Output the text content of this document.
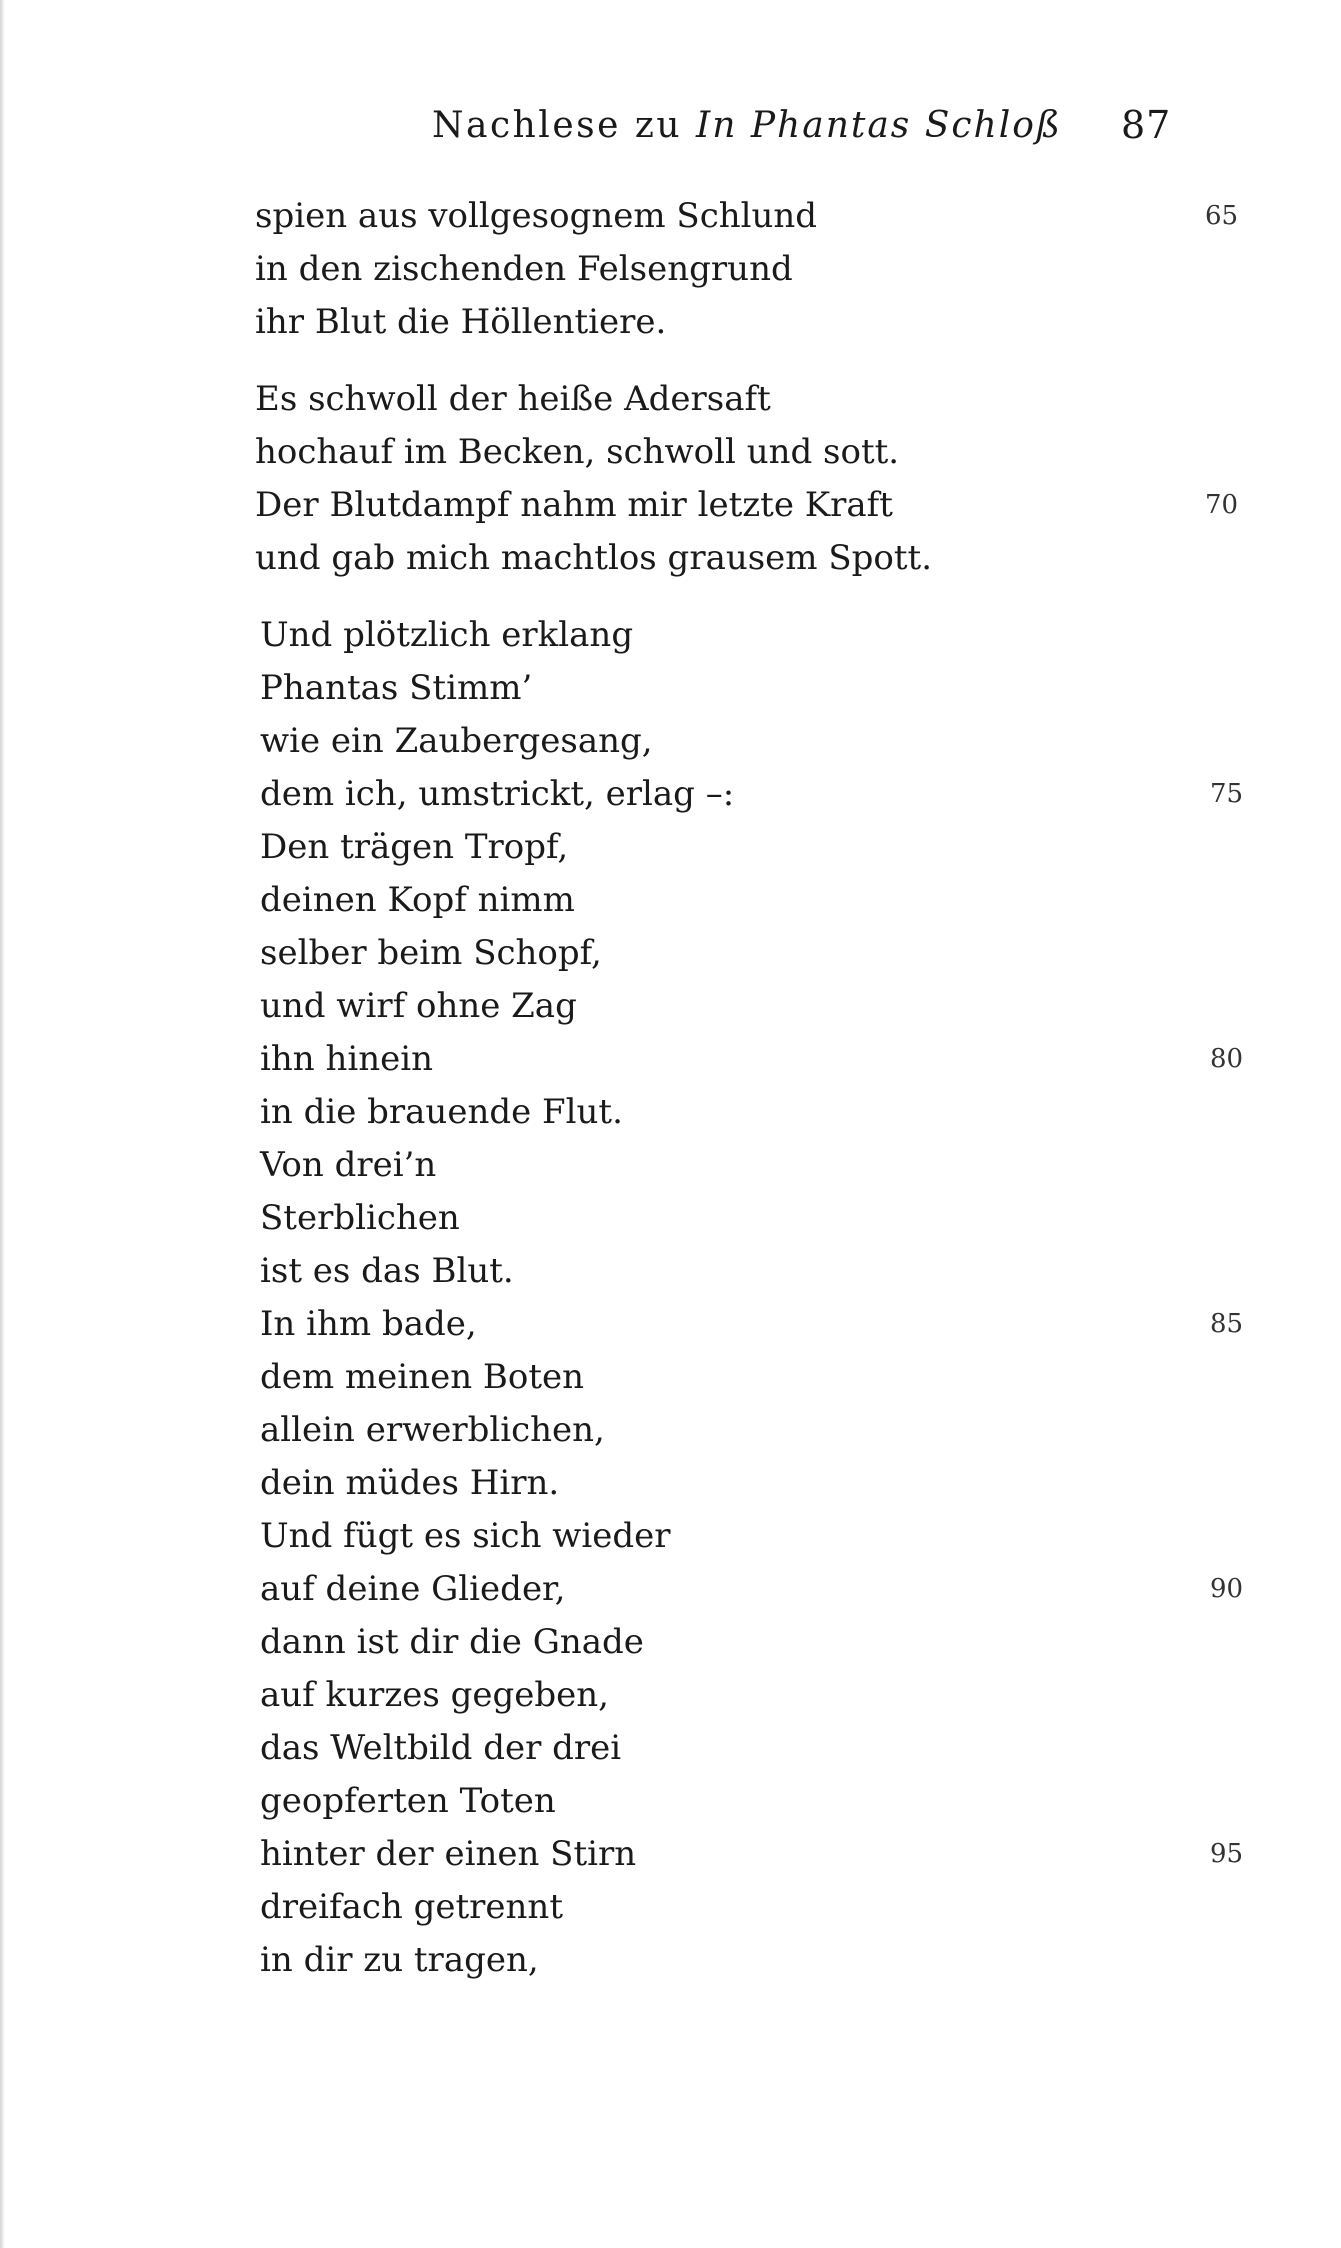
Nachlese zu In Phantas Schloß 87
spien aus vollgesognem Schlund	65
in den zischenden Felsengrund
ihr Blut die Höllentiere.
Es schwoll der heiße Adersaft
hochauf im Becken, schwoll und sott.
Der Blutdampf nahm mir letzte Kraft	70
und gab mich machtlos grausem Spott.
Und plötzlich erklang
Phantas Stimm’
wie ein Zaubergesang,
dem ich, umstrickt, erlag –:	75
Den trägen Tropf,
deinen Kopf nimm
selber beim Schopf,
und wirf ohne Zag
ihn hinein	80
in die brauende Flut.
Von drei’n
Sterblichen
ist es das Blut.
In ihm bade,	85
dem meinen Boten
allein erwerblichen,
dein müdes Hirn.
Und fügt es sich wieder
auf deine Glieder,	90
dann ist dir die Gnade
auf kurzes gegeben,
das Weltbild der drei
geopferten Toten
hinter der einen Stirn	95
dreifach getrennt
in dir zu tragen,
